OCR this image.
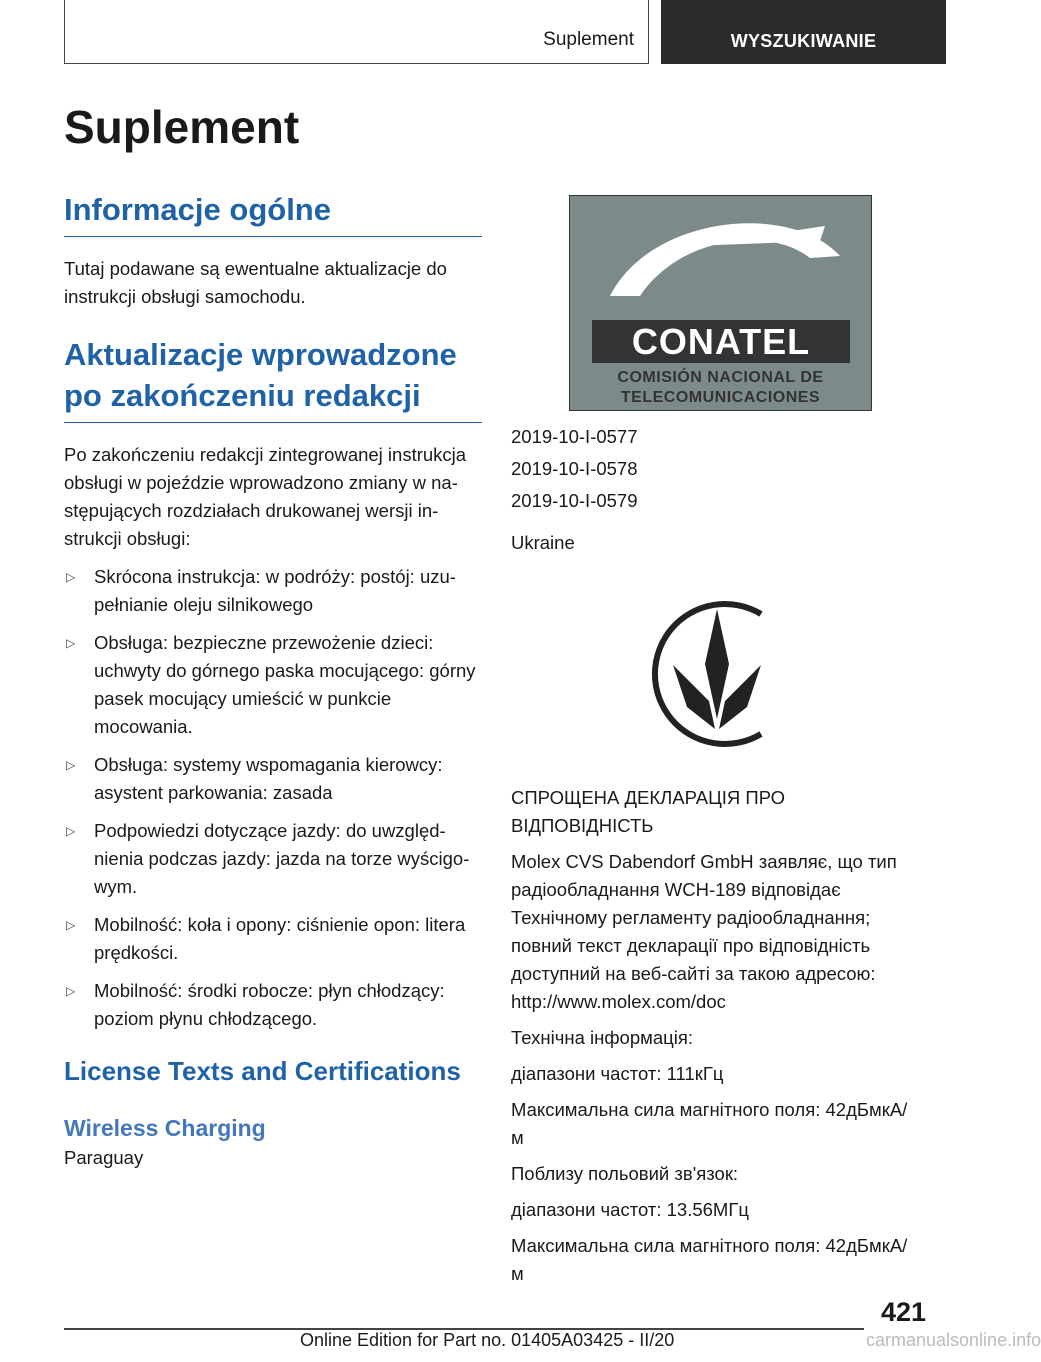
Suplement	WYSZUKIWANIE
Suplement
Informacje ogólne

Tutaj podawane są ewentualne aktualizacje do instrukcji obsługi samochodu.

Aktualizacje wprowadzone po zakończeniu redakcji

Po zakończeniu redakcji zintegrowanej instrukcja obsługi w pojeździe wprowadzono zmiany w następujących rozdziałach drukowanej wersji instrukcji obsługi:

▷ Skrócona instrukcja: w podróży: postój: uzupełnianie oleju silnikowego
▷ Obsługa: bezpieczne przewożenie dzieci: uchwyty do górnego paska mocującego: górny pasek mocujący umieścić w punkcie mocowania.
▷ Obsługa: systemy wspomagania kierowcy: asystent parkowania: zasada
▷ Podpowiedzi dotyczące jazdy: do uwzględnienia podczas jazdy: jazda na torze wyścigowym.
▷ Mobilność: koła i opony: ciśnienie opon: litera prędkości.
▷ Mobilność: środki robocze: płyn chłodzący: poziom płynu chłodzącego.
License Texts and Certifications
Wireless Charging

Paraguay

CONATEL
COMISIÓN NACIONAL DE
TELECOMUNICACIONES

2019-10-I-0577

2019-10-I-0578

2019-10-I-0579

Ukraine

СПРОЩЕНА ДЕКЛАРАЦІЯ ПРО ВІДПОВІДНІСТЬ

Molex CVS Dabendorf GmbH заявляє, що тип радіообладнання WCH-189 відповідає Технічному регламенту радіообладнання; повний текст декларації про відповідність доступний на веб-сайті за такою адресою: http://www.molex.com/doc

Технічна інформація:

діапазони частот: 111кГц

Максимальна сила магнітного поля: 42дБмкА/м

Поблизу польовий зв'язок:

діапазони частот: 13.56МГц

Максимальна сила магнітного поля: 42дБмкА/м

421
Online Edition for Part no. 01405A03425 - II/20	carmanualsonline.info
